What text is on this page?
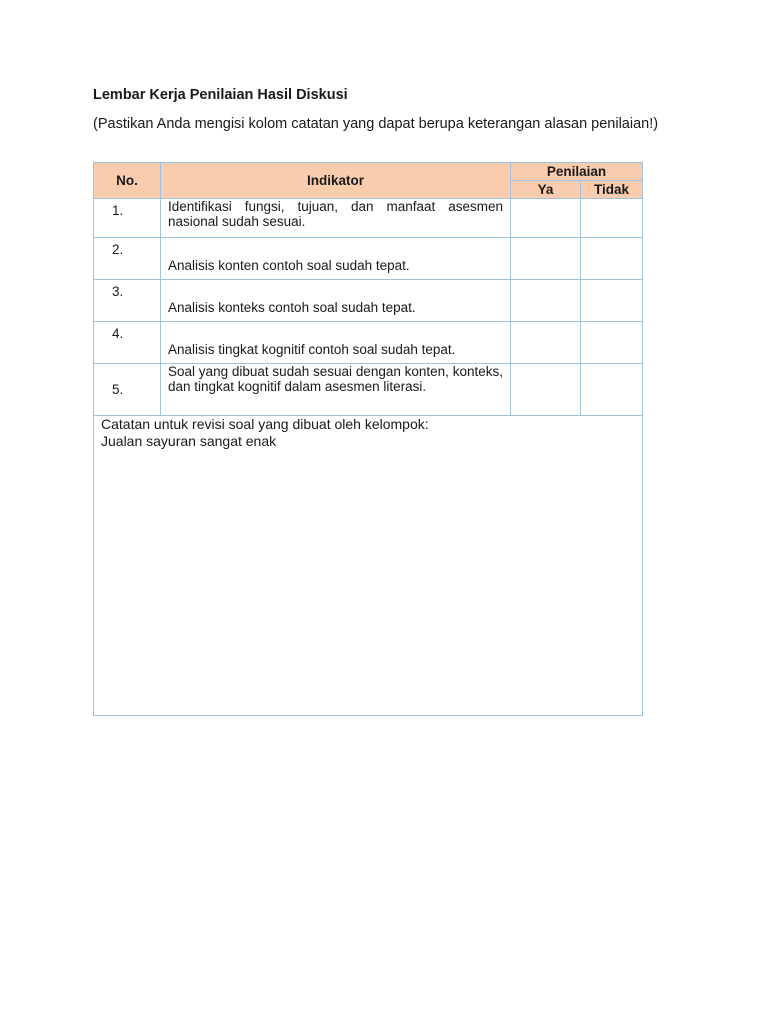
Lembar Kerja Penilaian Hasil Diskusi
(Pastikan Anda mengisi kolom catatan yang dapat berupa keterangan alasan penilaian!)
No.	Indikator	Penilaian	
		Ya	Tidak
1.	Identifikasi fungsi, tujuan, dan manfaat asesmen nasional sudah sesuai.		
2.	Analisis konten contoh soal sudah tepat.		
3.	Analisis konteks contoh soal sudah tepat.		
4.	Analisis tingkat kognitif contoh soal sudah tepat.		
5.	Soal yang dibuat sudah sesuai dengan konten, konteks, dan tingkat kognitif dalam asesmen literasi.		

Catatan untuk revisi soal yang dibuat oleh kelompok:
Jualan sayuran sangat enak			
